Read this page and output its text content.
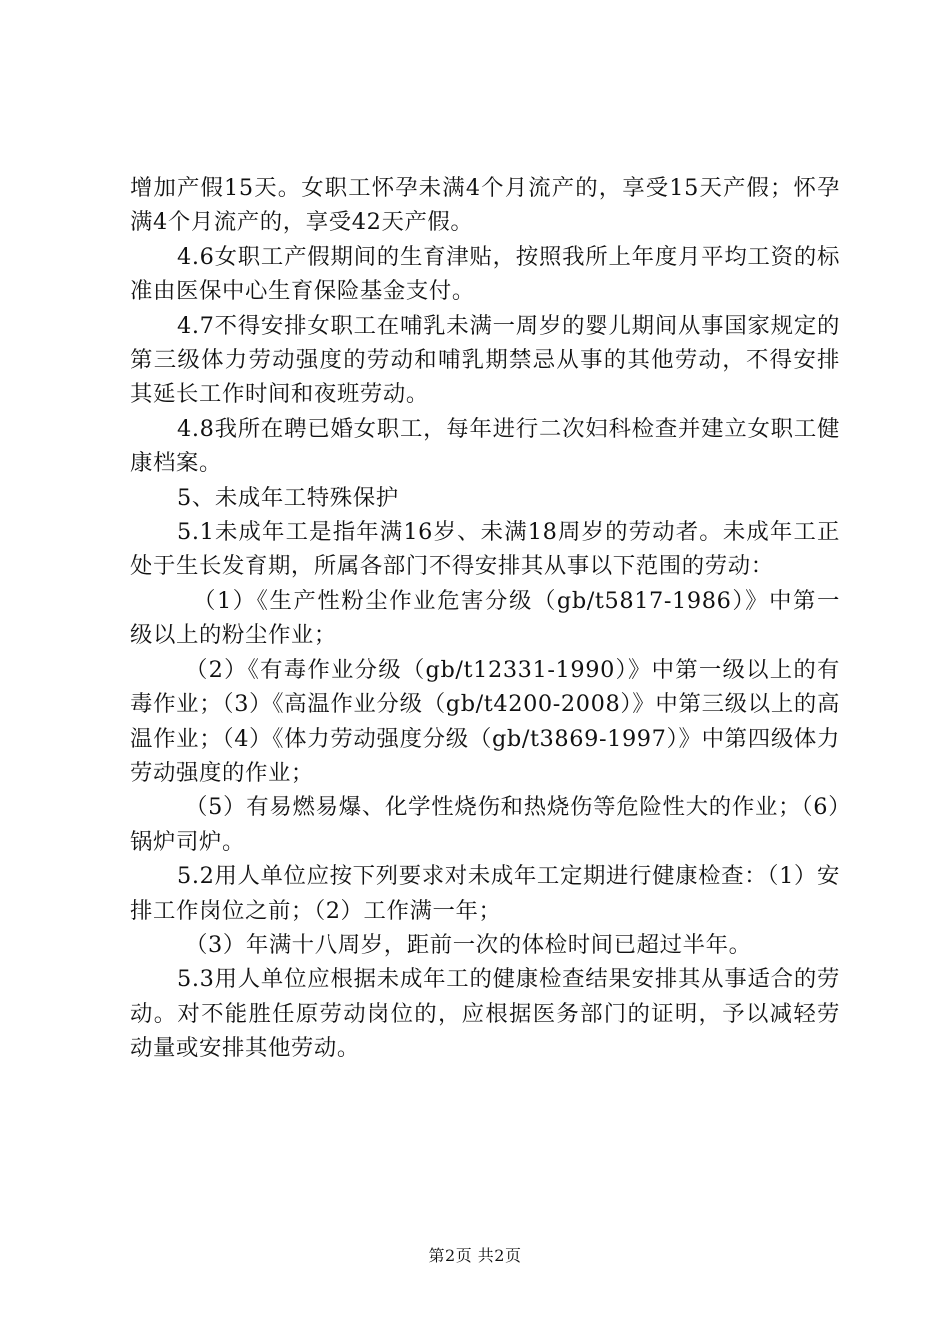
增加产假15天。女职工怀孕未满4个月流产的，享受15天产假；怀孕满4个月流产的，享受42天产假。

4.6女职工产假期间的生育津贴，按照我所上年度月平均工资的标准由医保中心生育保险基金支付。

4.7不得安排女职工在哺乳未满一周岁的婴儿期间从事国家规定的第三级体力劳动强度的劳动和哺乳期禁忌从事的其他劳动，不得安排其延长工作时间和夜班劳动。

4.8我所在聘已婚女职工，每年进行二次妇科检查并建立女职工健康档案。

5、未成年工特殊保护

5.1未成年工是指年满16岁、未满18周岁的劳动者。未成年工正处于生长发育期，所属各部门不得安排其从事以下范围的劳动：

（1）《生产性粉尘作业危害分级（gb/t5817-1986）》中第一级以上的粉尘作业；

（2）《有毒作业分级（gb/t12331-1990）》中第一级以上的有毒作业；（3）《高温作业分级（gb/t4200-2008）》中第三级以上的高温作业；（4）《体力劳动强度分级（gb/t3869-1997）》中第四级体力劳动强度的作业；

（5）有易燃易爆、化学性烧伤和热烧伤等危险性大的作业；（6）锅炉司炉。

5.2用人单位应按下列要求对未成年工定期进行健康检查：（1）安排工作岗位之前；（2）工作满一年；

（3）年满十八周岁，距前一次的体检时间已超过半年。

5.3用人单位应根据未成年工的健康检查结果安排其从事适合的劳动。对不能胜任原劳动岗位的，应根据医务部门的证明，予以减轻劳动量或安排其他劳动。

第2页 共2页
